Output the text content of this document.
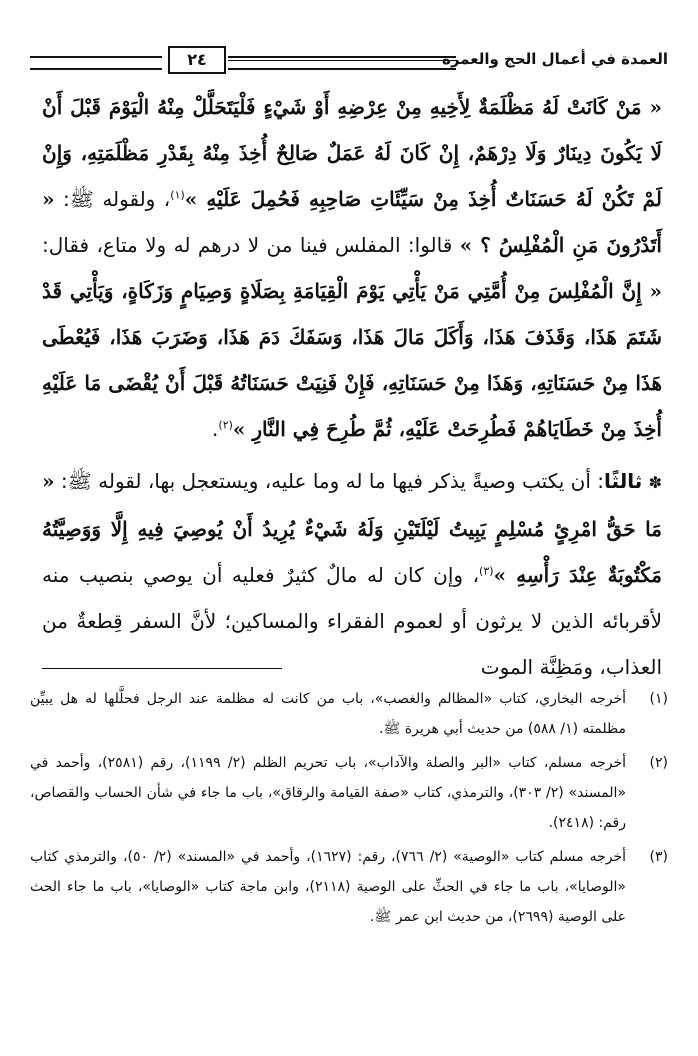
العمدة في أعمال الحج والعمرة
٢٤

« مَنْ كَانَتْ لَهُ مَظْلَمَةٌ لِأَخِيهِ مِنْ عِرْضِهِ أَوْ شَيْءٍ فَلْيَتَحَلَّلْ مِنْهُ الْيَوْمَ قَبْلَ أَنْ لَا يَكُونَ دِينَارٌ وَلَا دِرْهَمٌ، إِنْ كَانَ لَهُ عَمَلٌ صَالِحٌ أُخِذَ مِنْهُ بِقَدْرِ مَظْلَمَتِهِ، وَإِنْ لَمْ تَكُنْ لَهُ حَسَنَاتٌ أُخِذَ مِنْ سَيِّئَاتِ صَاحِبِهِ فَحُمِلَ عَلَيْهِ »$^{(١)}$، ولقوله ﷺ: « أَتَدْرُونَ مَنِ الْمُفْلِسُ ؟ » قالوا: المفلس فينا من لا درهم له ولا متاع، فقال: « إِنَّ الْمُفْلِسَ مِنْ أُمَّتِي مَنْ يَأْتِي يَوْمَ الْقِيَامَةِ بِصَلَاةٍ وَصِيَامٍ وَزَكَاةٍ، وَيَأْتِي قَدْ شَتَمَ هَذَا، وَقَذَفَ هَذَا، وَأَكَلَ مَالَ هَذَا، وَسَفَكَ دَمَ هَذَا، وَضَرَبَ هَذَا، فَيُعْطَى هَذَا مِنْ حَسَنَاتِهِ، وَهَذَا مِنْ حَسَنَاتِهِ، فَإِنْ فَنِيَتْ حَسَنَاتُهُ قَبْلَ أَنْ يُقْضَى مَا عَلَيْهِ أُخِذَ مِنْ خَطَايَاهُمْ فَطُرِحَتْ عَلَيْهِ، ثُمَّ طُرِحَ فِي النَّارِ »$^{(٢)}$.

✽ ثالثًا: أن يكتب وصيةً يذكر فيها ما له وما عليه، ويستعجل بها، لقوله ﷺ: « مَا حَقُّ امْرِئٍ مُسْلِمٍ يَبِيتُ لَيْلَتَيْنِ وَلَهُ شَيْءٌ يُرِيدُ أَنْ يُوصِيَ فِيهِ إِلَّا وَوَصِيَّتُهُ مَكْتُوبَةٌ عِنْدَ رَأْسِهِ »$^{(٣)}$، وإن كان له مالٌ كثيرٌ فعليه أن يوصي بنصيب منه لأقربائه الذين لا يرثون أو لعموم الفقراء والمساكين؛ لأنَّ السفر قِطعةٌ من العذاب، ومَظِنَّة الموت

(١)
أخرجه البخاري، كتاب «المظالم والغصب»، باب من كانت له مظلمة عند الرجل فحلَّلها له هل يبيِّن مظلمته (١/ ٥٨٨) من حديث أبي هريرة ﷺ.
(٢)
أخرجه مسلم، كتاب «البر والصلة والآداب»، باب تحريم الظلم (٢/ ١١٩٩)، رقم (٢٥٨١)، وأحمد في «المسند» (٢/ ٣٠٣)، والترمذي، كتاب «صفة القيامة والرقاق»، باب ما جاء في شأن الحساب والقصاص، رقم: (٢٤١٨).
(٣)
أخرجه مسلم كتاب «الوصية» (٢/ ٧٦٦)، رقم: (١٦٢٧)، وأحمد في «المسند» (٢/ ٥٠)، والترمذي كتاب «الوصايا»، باب ما جاء في الحثِّ على الوصية (٢١١٨)، وابن ماجة كتاب «الوصايا»، باب ما جاء الحث على الوصية (٢٦٩٩)، من حديث ابن عمر ﷺ.
